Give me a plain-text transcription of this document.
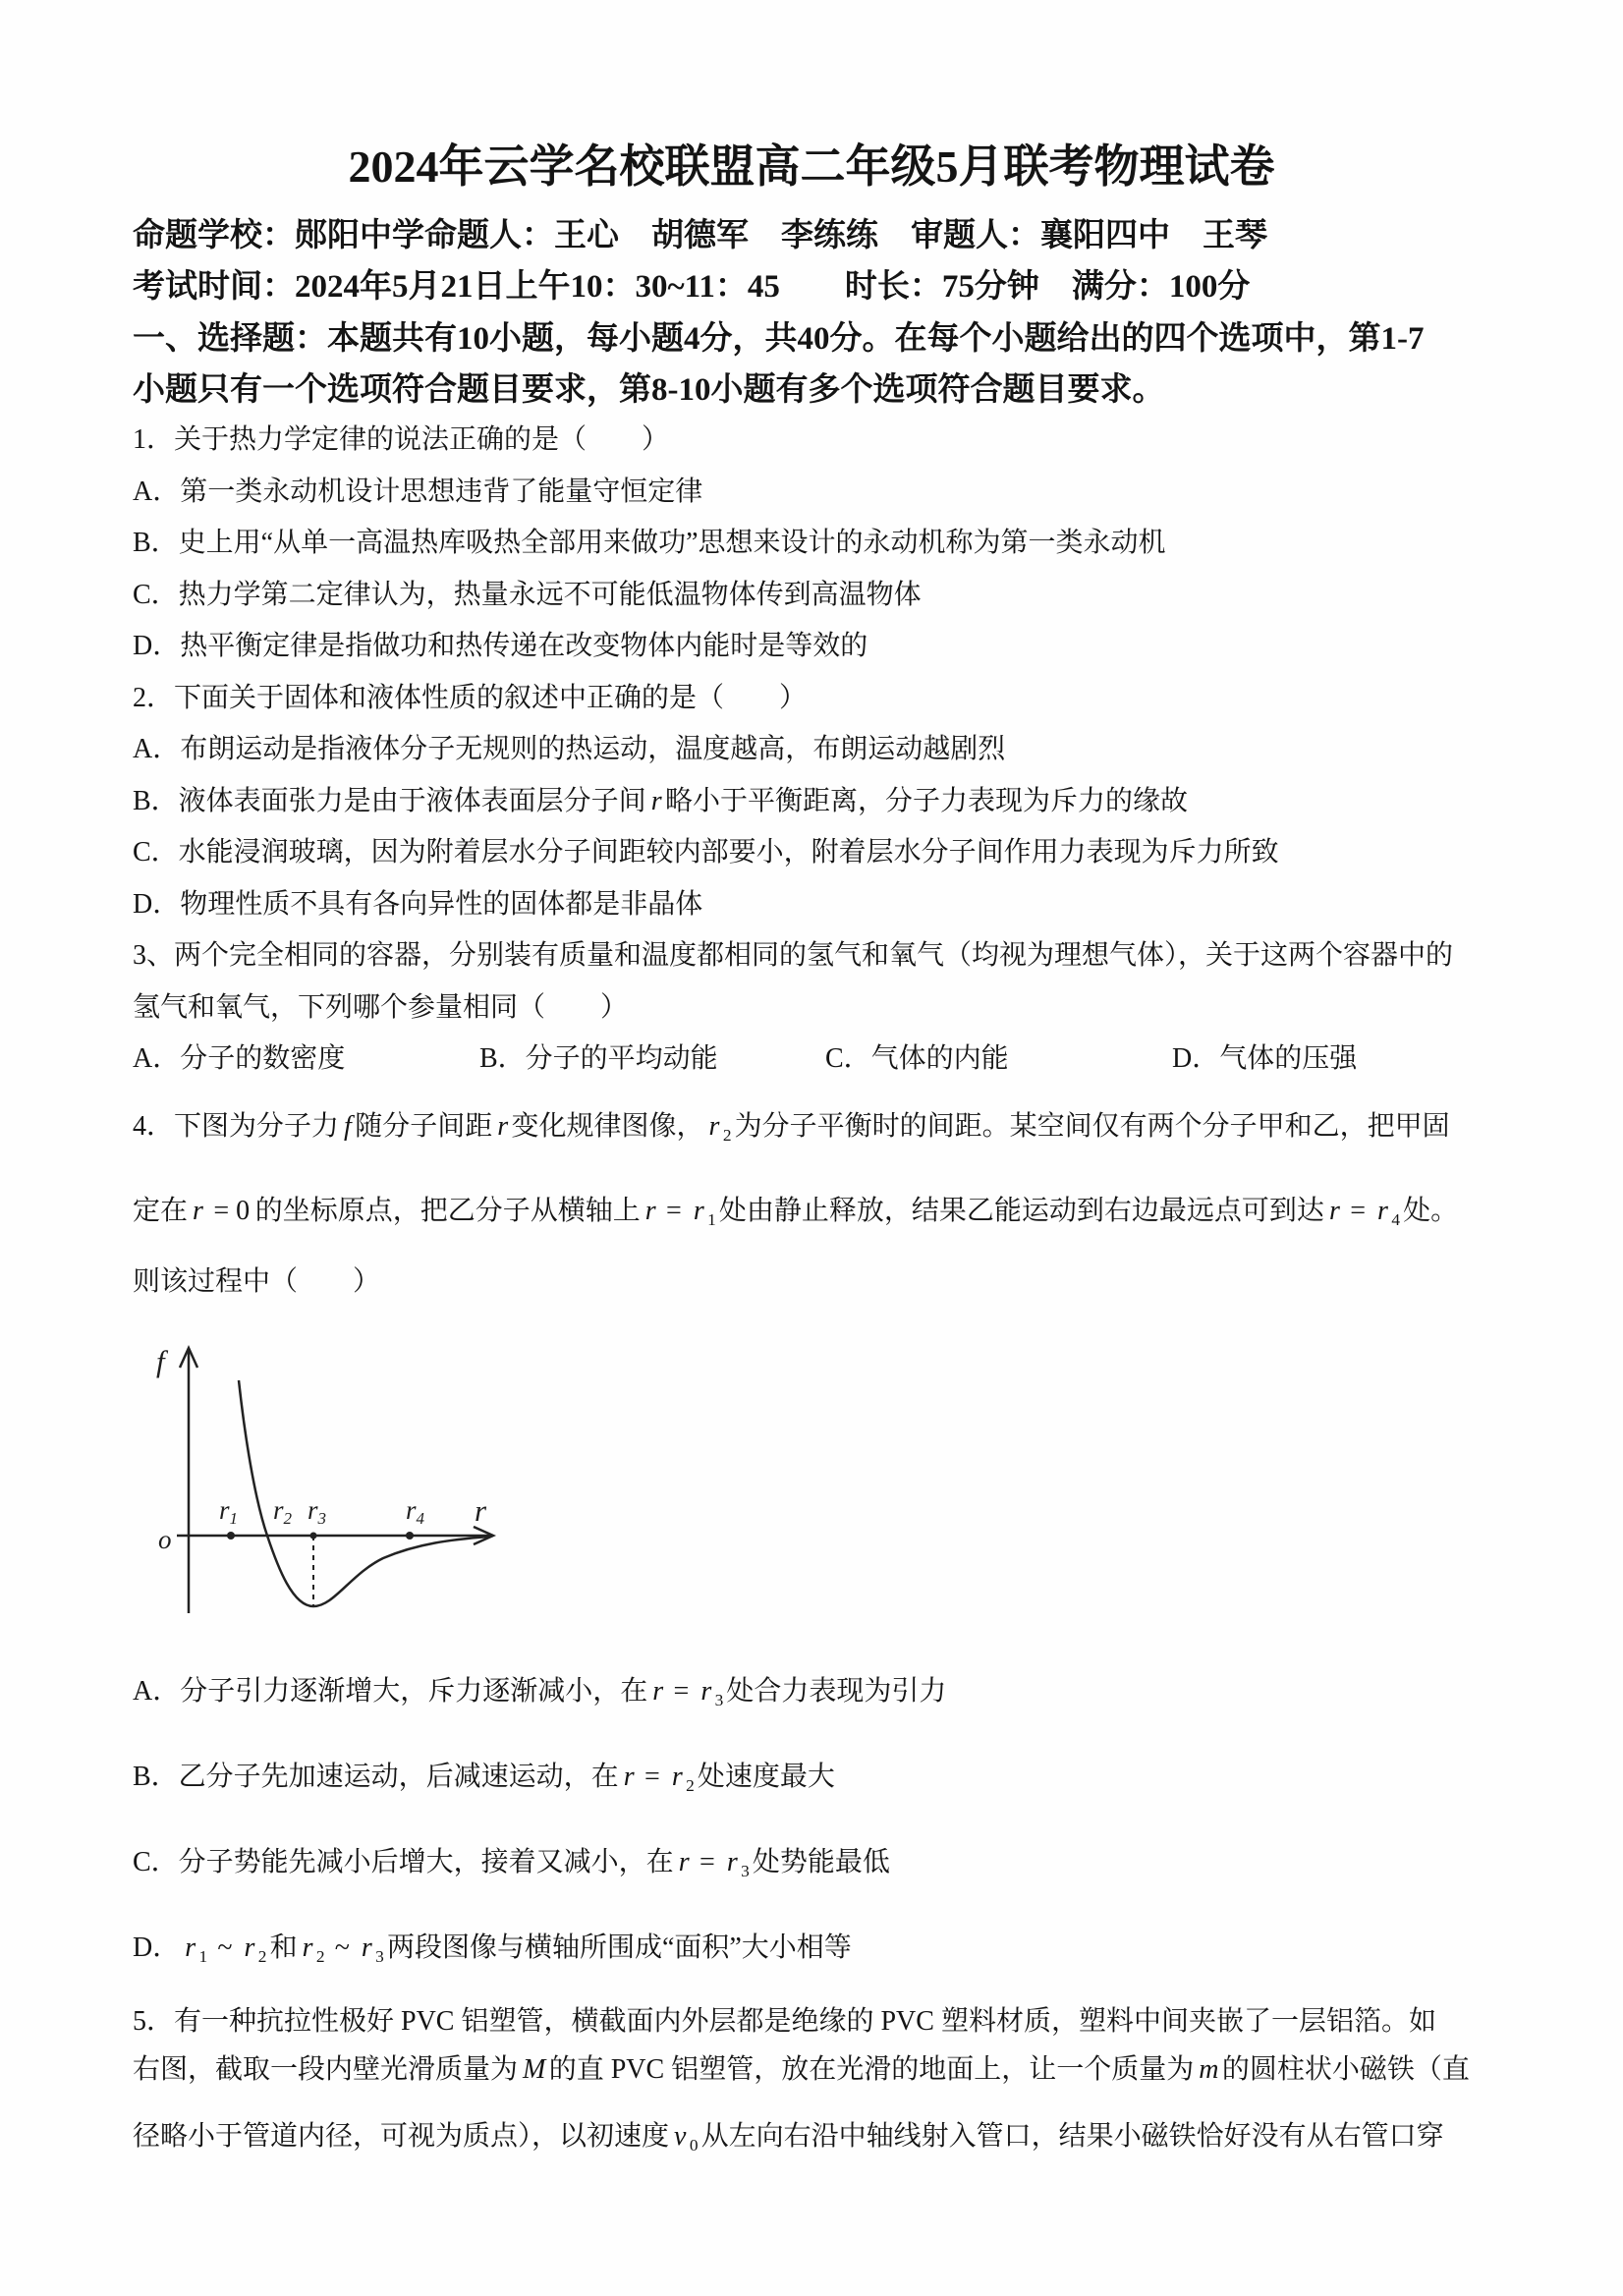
2024年云学名校联盟高二年级5月联考物理试卷
命题学校：郧阳中学命题人：王心　胡德军　李练练　审题人：襄阳四中　王琴
考试时间：2024年5月21日上午10：30~11：45　　时长：75分钟　满分：100分
一、选择题：本题共有10小题，每小题4分，共40分。在每个小题给出的四个选项中，第1-7
小题只有一个选项符合题目要求，第8-10小题有多个选项符合题目要求。
1．关于热力学定律的说法正确的是（　　）
A．第一类永动机设计思想违背了能量守恒定律
B．史上用“从单一高温热库吸热全部用来做功”思想来设计的永动机称为第一类永动机
C．热力学第二定律认为，热量永远不可能低温物体传到高温物体
D．热平衡定律是指做功和热传递在改变物体内能时是等效的
2．下面关于固体和液体性质的叙述中正确的是（　　）
A．布朗运动是指液体分子无规则的热运动，温度越高，布朗运动越剧烈
B．液体表面张力是由于液体表面层分子间 r 略小于平衡距离，分子力表现为斥力的缘故
C．水能浸润玻璃，因为附着层水分子间距较内部要小，附着层水分子间作用力表现为斥力所致
D．物理性质不具有各向异性的固体都是非晶体
3、两个完全相同的容器，分别装有质量和温度都相同的氢气和氧气（均视为理想气体），关于这两个容器中的
氢气和氧气，下列哪个参量相同（　　）
A．分子的数密度	B．分子的平均动能	C．气体的内能	D．气体的压强
4．下图为分子力 f 随分子间距 r 变化规律图像， r $_2$ 为分子平衡时的间距。某空间仅有两个分子甲和乙，把甲固
定在 r = 0 的坐标原点，把乙分子从横轴上 r = r $_1$ 处由静止释放，结果乙能运动到右边最远点可到达 r = r $_4$ 处。
则该过程中（　　）
f
r
o
r1 r2 r3	r4
A．分子引力逐渐增大，斥力逐渐减小，在 r = r $_3$ 处合力表现为引力
B．乙分子先加速运动，后减速运动，在 r = r $_2$ 处速度最大
C．分子势能先减小后增大，接着又减小，在 r = r $_3$ 处势能最低
D． r $_1$ ~ r $_2$ 和 r $_2$ ~ r $_3$ 两段图像与横轴所围成“面积”大小相等
5．有一种抗拉性极好 PVC 铝塑管，横截面内外层都是绝缘的 PVC 塑料材质，塑料中间夹嵌了一层铝箔。如
右图，截取一段内壁光滑质量为 M 的直 PVC 铝塑管，放在光滑的地面上，让一个质量为 m 的圆柱状小磁铁（直
径略小于管道内径，可视为质点），以初速度 v $_0$ 从左向右沿中轴线射入管口，结果小磁铁恰好没有从右管口穿
